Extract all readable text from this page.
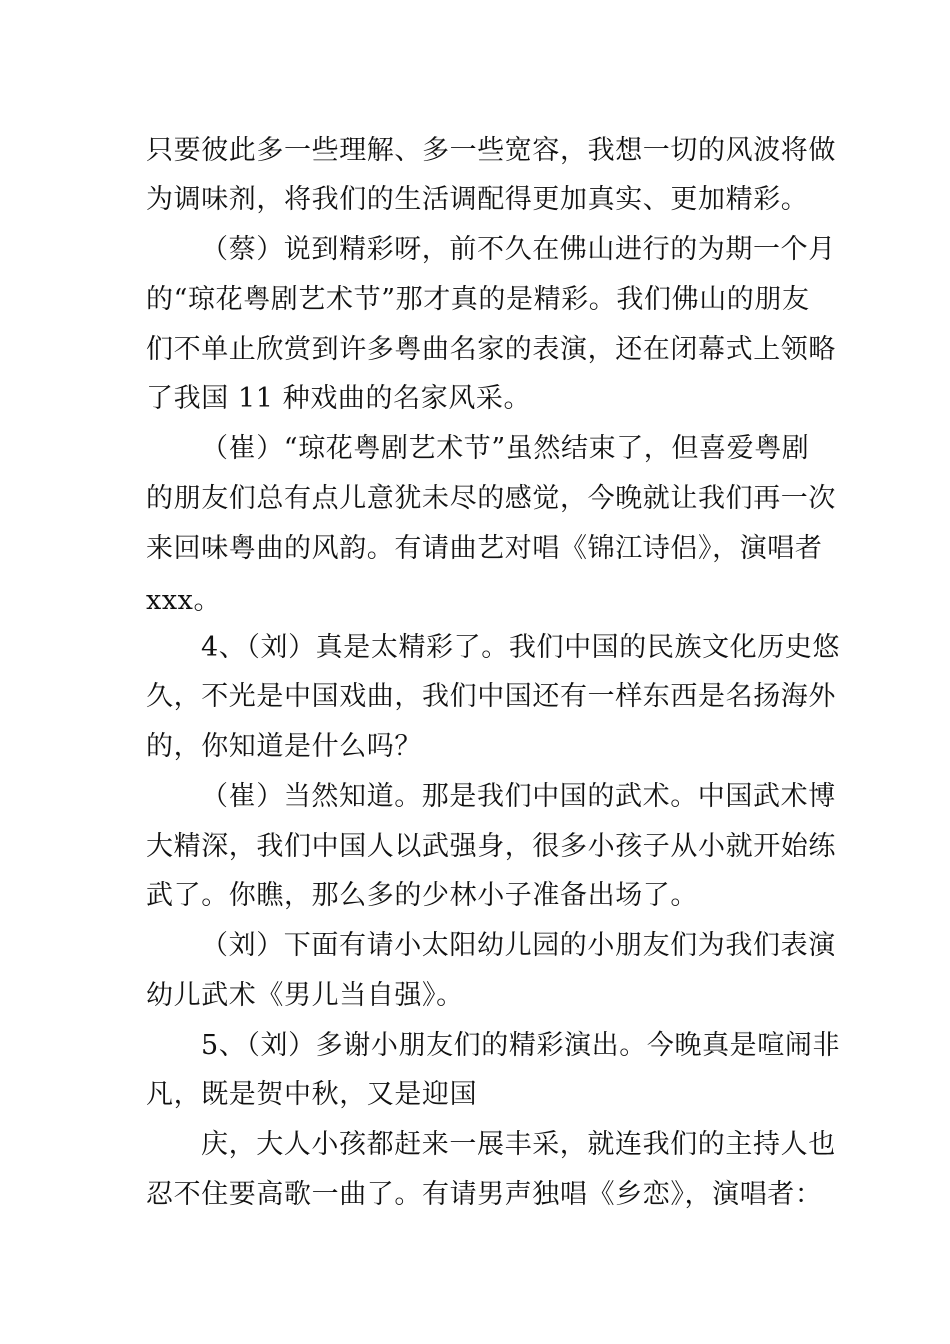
只要彼此多一些理解、多一些宽容，我想一切的风波将做
为调味剂，将我们的生活调配得更加真实、更加精彩。
（蔡）说到精彩呀，前不久在佛山进行的为期一个月
的“琼花粤剧艺术节”那才真的是精彩。我们佛山的朋友
们不单止欣赏到许多粤曲名家的表演，还在闭幕式上领略
了我国 11 种戏曲的名家风采。
（崔）“琼花粤剧艺术节”虽然结束了，但喜爱粤剧
的朋友们总有点儿意犹未尽的感觉，今晚就让我们再一次
来回味粤曲的风韵。有请曲艺对唱《锦江诗侣》，演唱者
xxx。
4、（刘）真是太精彩了。我们中国的民族文化历史悠
久，不光是中国戏曲，我们中国还有一样东西是名扬海外
的，你知道是什么吗？
（崔）当然知道。那是我们中国的武术。中国武术博
大精深，我们中国人以武强身，很多小孩子从小就开始练
武了。你瞧，那么多的少林小子准备出场了。
（刘）下面有请小太阳幼儿园的小朋友们为我们表演
幼儿武术《男儿当自强》。
5、（刘）多谢小朋友们的精彩演出。今晚真是喧闹非
凡，既是贺中秋，又是迎国
庆，大人小孩都赶来一展丰采，就连我们的主持人也
忍不住要高歌一曲了。有请男声独唱《乡恋》，演唱者：
